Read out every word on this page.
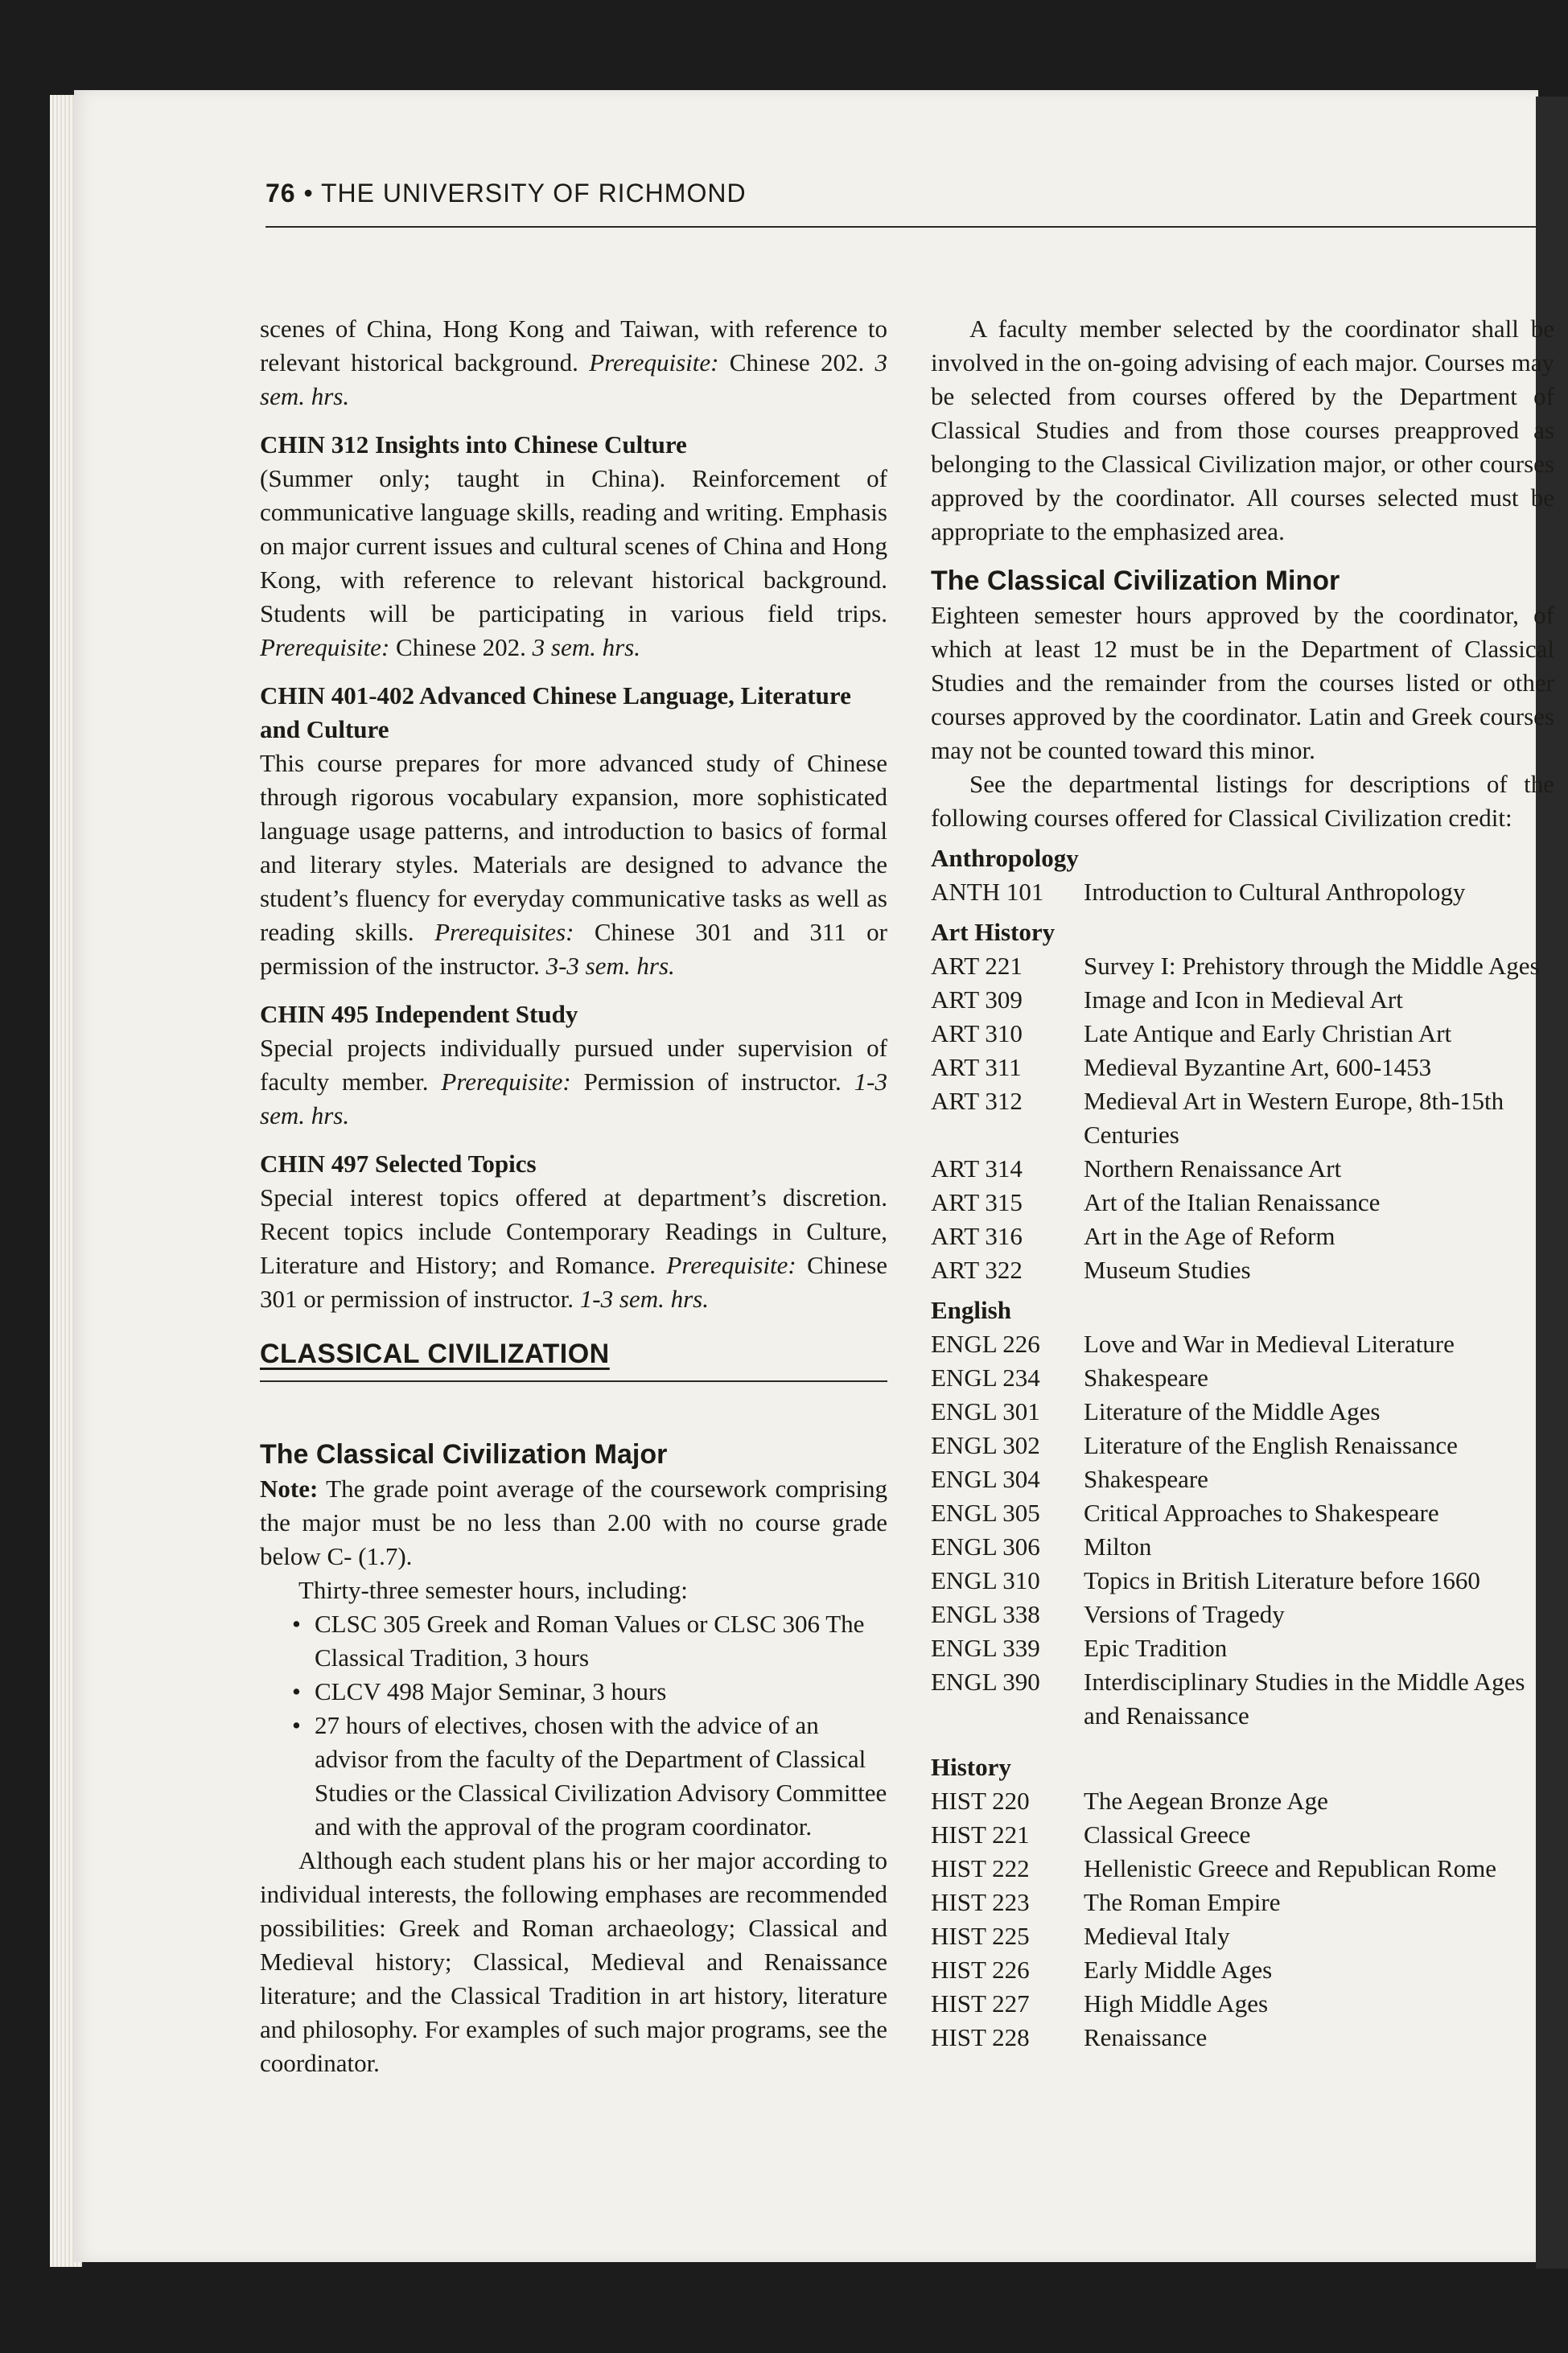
76 • THE UNIVERSITY OF RICHMOND

scenes of China, Hong Kong and Taiwan, with reference to relevant historical background. Prerequisite: Chinese 202. 3 sem. hrs.

CHIN 312 Insights into Chinese Culture

(Summer only; taught in China). Reinforcement of communicative language skills, reading and writing. Emphasis on major current issues and cultural scenes of China and Hong Kong, with reference to relevant historical background. Students will be participating in various field trips. Prerequisite: Chinese 202. 3 sem. hrs.

CHIN 401-402 Advanced Chinese Language, Literature and Culture

This course prepares for more advanced study of Chinese through rigorous vocabulary expansion, more sophisticated language usage patterns, and introduction to basics of formal and literary styles. Materials are designed to advance the student’s fluency for everyday communicative tasks as well as reading skills. Prerequisites: Chinese 301 and 311 or permission of the instructor. 3-3 sem. hrs.

CHIN 495 Independent Study

Special projects individually pursued under supervision of faculty member. Prerequisite: Permission of instructor. 1-3 sem. hrs.

CHIN 497 Selected Topics

Special interest topics offered at department’s discretion. Recent topics include Contemporary Readings in Culture, Literature and History; and Romance. Prerequisite: Chinese 301 or permission of instructor. 1-3 sem. hrs.

CLASSICAL CIVILIZATION
The Classical Civilization Major

Note: The grade point average of the coursework comprising the major must be no less than 2.00 with no course grade below C- (1.7).

Thirty-three semester hours, including:

• CLSC 305 Greek and Roman Values or CLSC 306 The Classical Tradition, 3 hours
• CLCV 498 Major Seminar, 3 hours
• 27 hours of electives, chosen with the advice of an advisor from the faculty of the Department of Classical Studies or the Classical Civilization Advisory Committee and with the approval of the program coordinator.

Although each student plans his or her major according to individual interests, the following emphases are recommended possibilities: Greek and Roman archaeology; Classical and Medieval history; Classical, Medieval and Renaissance literature; and the Classical Tradition in art history, literature and philosophy. For examples of such major programs, see the coordinator.

A faculty member selected by the coordinator shall be involved in the on-going advising of each major. Courses may be selected from courses offered by the Department of Classical Studies and from those courses preapproved as belonging to the Classical Civilization major, or other courses approved by the coordinator. All courses selected must be appropriate to the emphasized area.

The Classical Civilization Minor

Eighteen semester hours approved by the coordinator, of which at least 12 must be in the Department of Classical Studies and the remainder from the courses listed or other courses approved by the coordinator. Latin and Greek courses may not be counted toward this minor.

See the departmental listings for descriptions of the following courses offered for Classical Civilization credit:

Anthropology
ANTH 101	Introduction to Cultural Anthropology
Art History
ART 221	Survey I: Prehistory through the Middle Ages
ART 309	Image and Icon in Medieval Art
ART 310	Late Antique and Early Christian Art
ART 311	Medieval Byzantine Art, 600-1453
ART 312	Medieval Art in Western Europe, 8th-15th Centuries
ART 314	Northern Renaissance Art
ART 315	Art of the Italian Renaissance
ART 316	Art in the Age of Reform
ART 322	Museum Studies
English
ENGL 226	Love and War in Medieval Literature
ENGL 234	Shakespeare
ENGL 301	Literature of the Middle Ages
ENGL 302	Literature of the English Renaissance
ENGL 304	Shakespeare
ENGL 305	Critical Approaches to Shakespeare
ENGL 306	Milton
ENGL 310	Topics in British Literature before 1660
ENGL 338	Versions of Tragedy
ENGL 339	Epic Tradition
ENGL 390	Interdisciplinary Studies in the Middle Ages and Renaissance
History
HIST 220	The Aegean Bronze Age
HIST 221	Classical Greece
HIST 222	Hellenistic Greece and Republican Rome
HIST 223	The Roman Empire
HIST 225	Medieval Italy
HIST 226	Early Middle Ages
HIST 227	High Middle Ages
HIST 228	Renaissance
